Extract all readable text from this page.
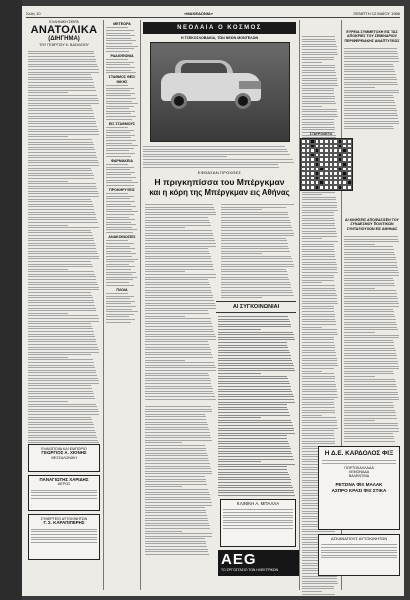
Σελίς 10	«ΜΑΚΕΔΟΝΙΑ»	ΠΕΜΠΤΗ 12 ΜΑΪΟΥ 1966
ΕΛΛΗΝΙΚΗ ΣΕΙΡΑ
ΑΝΑΤΟΛΙΚΑ
(ΔΙΗΓΗΜΑ)
ΤΟΥ ΓΕΩΡΓΙΟΥ Κ. ΒΑΣΙΛΕΙΟΥ
ΕΛΑΙΟΠΟΙΙΑ ΚΑΙ ΕΜΠΟΡΙΟ
ΓΕΩΡΓΙΟΣ Α. ΧΙΟΝΗΣ
ΘΕΣΣΑΛΟΝΙΚΗ
ΠΑΝΑΓΙΩΤΗΣ ΧΑΡΙΔΗΣ
ΙΑΤΡΟΣ
ΣΥΝΕΡΓΕΙΟ ΑΥΤΟΚΙΝΗΤΩΝ
Γ. Σ. ΚΑΡΑΠΙΠΕΡΗΣ
ΜΕΤΕΩΡΑ
ΡΑΔΙΟΦΩΝΙΑ
ΣΤΑΘΜΟΣ ΘΕΣ/ΝΙΚΗΣ
ΕΙΣ ΣΤΑΘΜΟΥΣ
ΦΑΡΜΑΚΕΙΑ
ΠΡΟΚΗΡΥΞΕΙΣ
ΑΝΑΚΟΙΝΩΣΕΙΣ
ΠΛΟΙΑ
ΝΕΟΛΑΙΑ Ο ΚΟΣΜΟΣ
Η ΤΣΕΚΟΣΛΟΒΑΚΙΑ, ΤΩΝ ΝΕΩΝ ΜΟΝΤΕΛΩΝ
ΕΦΘΑΣΑΝ ΠΡΟΧΘΕΣ
Η πριγκηπίσσα του Μπέργκμαν
και η κόρη της Μπέργκμαν εις Αθήνας
ΑΙ ΣΥΓΚΟΙΝΩΝΙΑΙ
ΚΛΙΝΙΚΗ Α. ΜΠΑΛΛΑ
AEG
ΤΟ ΕΡΓΟΣΤΑΣΙΟ ΤΩΝ ΗΛΕΚΤΡΙΚΩΝ
ΕΥΡΕΙΑ ΣΥΜΜΕΤΟΧΗ ΕΙΣ ΤΑΣ ΑΠΟΚΡΙΕΣ ΤΟΥ ΣΕΜΙΝΑΡΙΟΥ ΠΕΡΙΦΕΡΕΙΑΚΗΣ ΑΝΑΠΤΥΞΕΩΣ
ΣΤΑΥΡΟΛΕΞΟ
ΑΙ ΚΙΝΗΣΕΙΣ ΑΠΟΦΑΣΙΣΕΝ ΤΟΥ ΣΥΝΔΕΣΜΟΥ ΠΟΛΙΤΙΚΩΝ ΣΥΝΤΑΞΙΟΥΧΩΝ ΕΙΣ ΑΘΗΝΑΣ
Η Δ.Ε. ΚΑΡΔΟΛΟΣ ΦΙΞ
ΠΟΡΤΟΚΑΛΛΑΔΑ
ΛΕΜΟΝΑΔΑ
ΒΑΛΕΝΤΙΝΑ
ΡΕΤΣΙΝΑ ΦΙΞ ΜΑΛΑΚ
ΑΣΠΡΟ ΚΡΑΣΙ ΦΙΞ ΣΤΙΚΑ
ΑΣΚΑΝΑΠΟΥΣ ΑΥΤΟΚΙΝΗΤΩΝ
